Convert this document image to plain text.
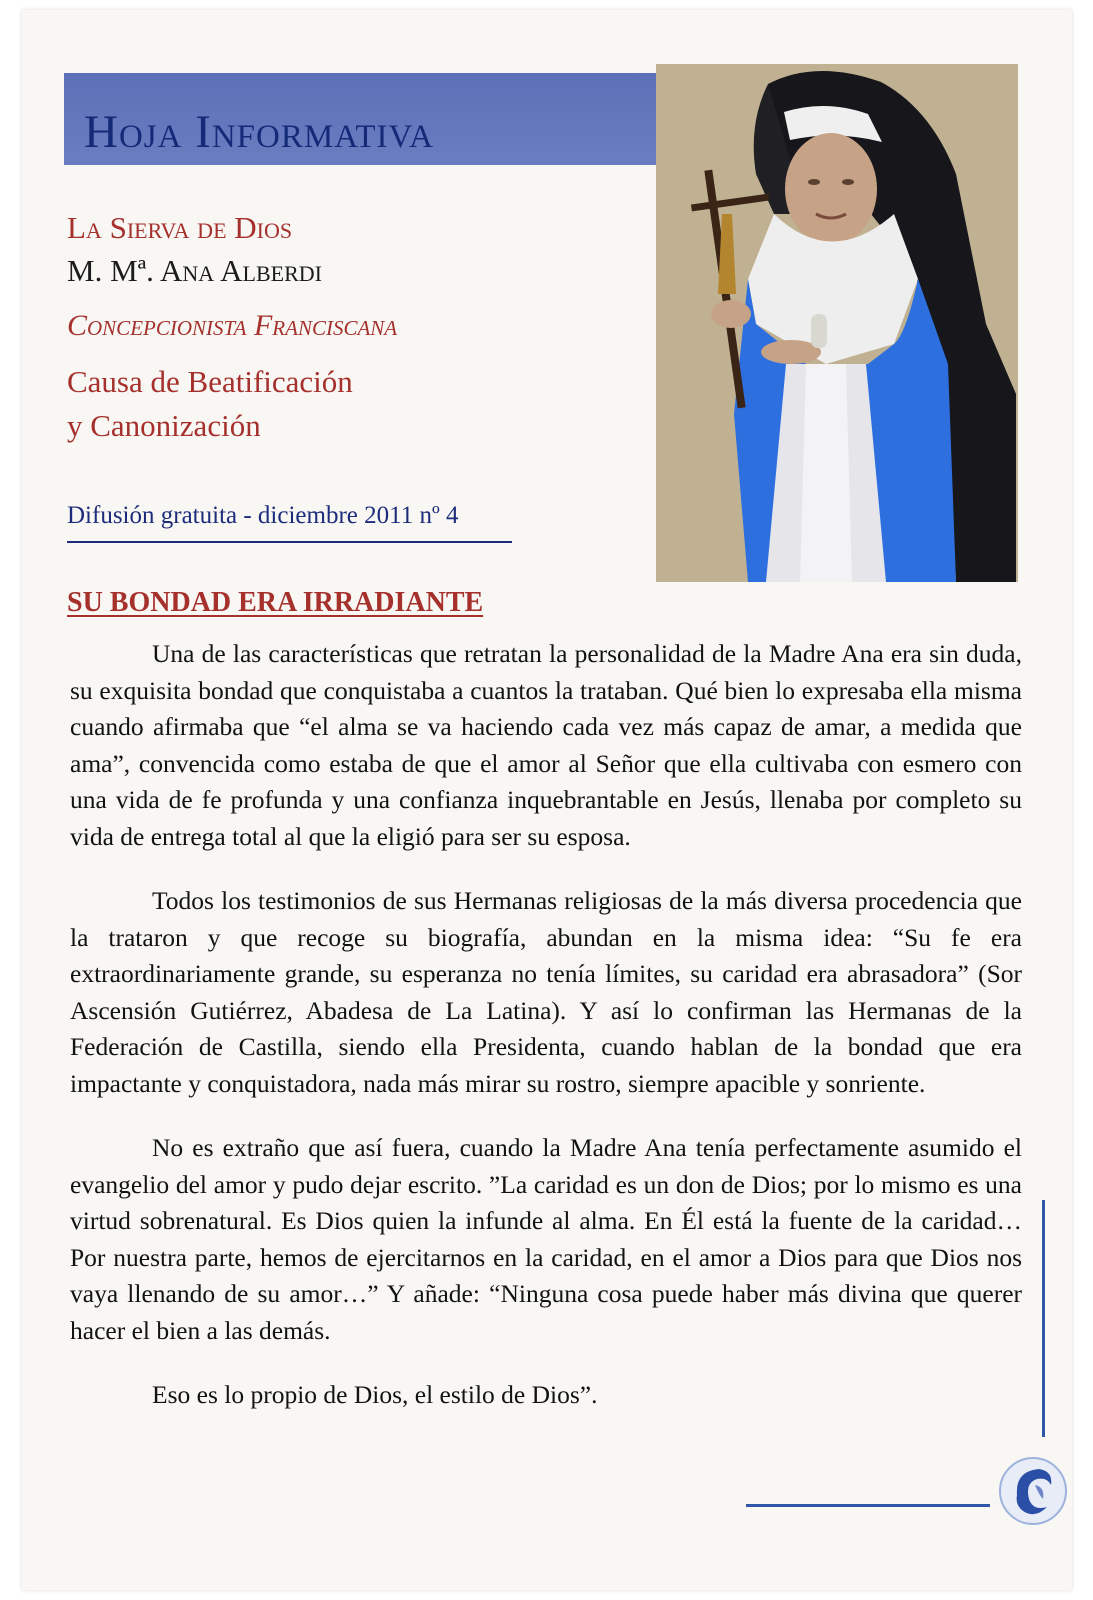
Hoja Informativa
La Sierva de Dios
M. Mª. Ana Alberdi
Concepcionista Franciscana
Causa de Beatificación
y Canonización
Difusión gratuita - diciembre 2011 nº 4
SU BONDAD ERA IRRADIANTE

Una de las características que retratan la personalidad de la Madre Ana era sin duda, su exquisita bondad que conquistaba a cuantos la trataban. Qué bien lo expresaba ella misma cuando afirmaba que “el alma se va haciendo cada vez más capaz de amar, a medida que ama”, convencida como estaba de que el amor al Señor que ella cultivaba con esmero con una vida de fe profunda y una confianza inquebrantable en Jesús, llenaba por completo su vida de entrega total al que la eligió para ser su esposa.

Todos los testimonios de sus Hermanas religiosas de la más diversa procedencia que la trataron y que recoge su biografía, abundan en la misma idea: “Su fe era extraordinariamente grande, su esperanza no tenía límites, su caridad era abrasadora” (Sor Ascensión Gutiérrez, Abadesa de La Latina). Y así lo confirman las Hermanas de la Federación de Castilla, siendo ella Presidenta, cuando hablan de la bondad que era impactante y conquistadora, nada más mirar su rostro, siempre apacible y sonriente.

No es extraño que así fuera, cuando la Madre Ana tenía perfectamente asumido el evangelio del amor y pudo dejar escrito. ”La caridad es un don de Dios; por lo mismo es una virtud sobrenatural. Es Dios quien la infunde al alma. En Él está la fuente de la caridad… Por nuestra parte, hemos de ejercitarnos en la caridad, en el amor a Dios para que Dios nos vaya llenando de su amor…” Y añade: “Ninguna cosa puede haber más divina que querer hacer el bien a las demás.

Eso es lo propio de Dios, el estilo de Dios”.
